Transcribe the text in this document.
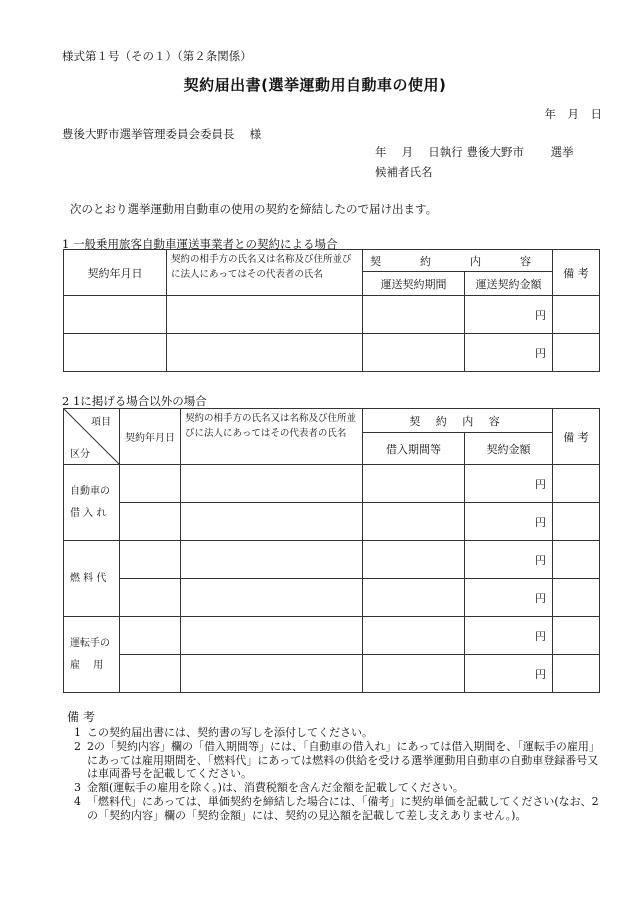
様式第１号（その１）（第２条関係）
契約届出書(選挙運動用自動車の使用)
年　月　日
豊後大野市選挙管理委員会委員長　 様
年　 月　 日執行 豊後大野市　　 選挙
候補者氏名
次のとおり選挙運動用自動車の使用の契約を締結したので届け出ます。
1 一般乗用旅客自動車運送事業者との契約による場合
契約年月日	契約の相手方の氏名又は名称及び住所並びに法人にあってはその代表者の氏名	契　約　内　容		備 考
		運送契約期間	運送契約金額	
			円	
			円	
2 1に掲げる場合以外の場合
項目
区分	契約年月日	契約の相手方の氏名又は名称及び住所並びに法人にあってはその代表者の氏名	契 約 内 容		備 考
			借入期間等	契約金額	
自動車の
借 入 れ				円	
				円	
燃 料 代				円	
				円	
運転手の
雇　 用				円	
				円	
備 考
1 この契約届出書には、契約書の写しを添付してください。
2 2の「契約内容」欄の「借入期間等」には、「自動車の借入れ」にあっては借入期間を、「運転手の雇用」にあっては雇用期間を、「燃料代」にあっては燃料の供給を受ける選挙運動用自動車の自動車登録番号又は車両番号を記載してください。
3 金額(運転手の雇用を除く。)は、消費税額を含んだ金額を記載してください。
4 「燃料代」にあっては、単価契約を締結した場合には、「備考」に契約単価を記載してください(なお、2の「契約内容」欄の「契約金額」には、契約の見込額を記載して差し支えありません。)。
